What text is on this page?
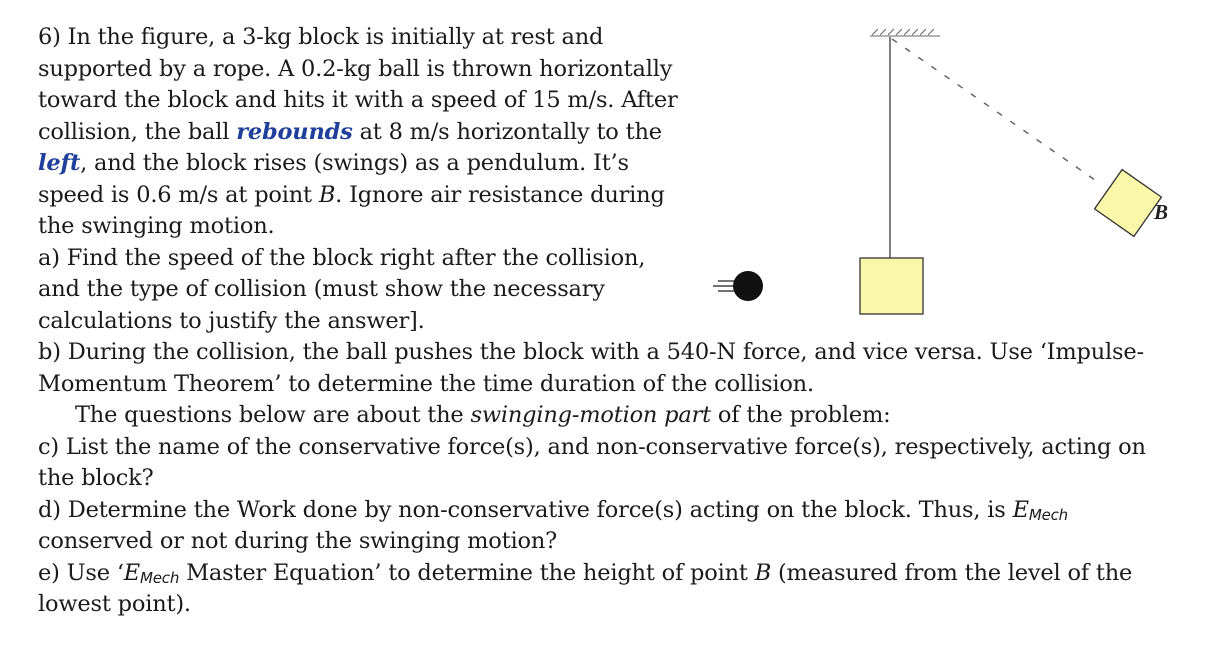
6) In the figure, a 3-kg block is initially at rest and
supported by a rope. A 0.2-kg ball is thrown horizontally
toward the block and hits it with a speed of 15 m/s. After
collision, the ball rebounds at 8 m/s horizontally to the
left, and the block rises (swings) as a pendulum. It’s
speed is 0.6 m/s at point B. Ignore air resistance during
the swinging motion.
a) Find the speed of the block right after the collision,
and the type of collision (must show the necessary
calculations to justify the answer].
b) During the collision, the ball pushes the block with a 540-N force, and vice versa. Use ‘Impulse-
Momentum Theorem’ to determine the time duration of the collision.
The questions below are about the swinging-motion part of the problem:
c) List the name of the conservative force(s), and non-conservative force(s), respectively, acting on
the block?
d) Determine the Work done by non-conservative force(s) acting on the block. Thus, is $E_{Mech}$
conserved or not during the swinging motion?
e) Use ‘$E_{Mech}$ Master Equation’ to determine the height of point B (measured from the level of the
lowest point).
B
